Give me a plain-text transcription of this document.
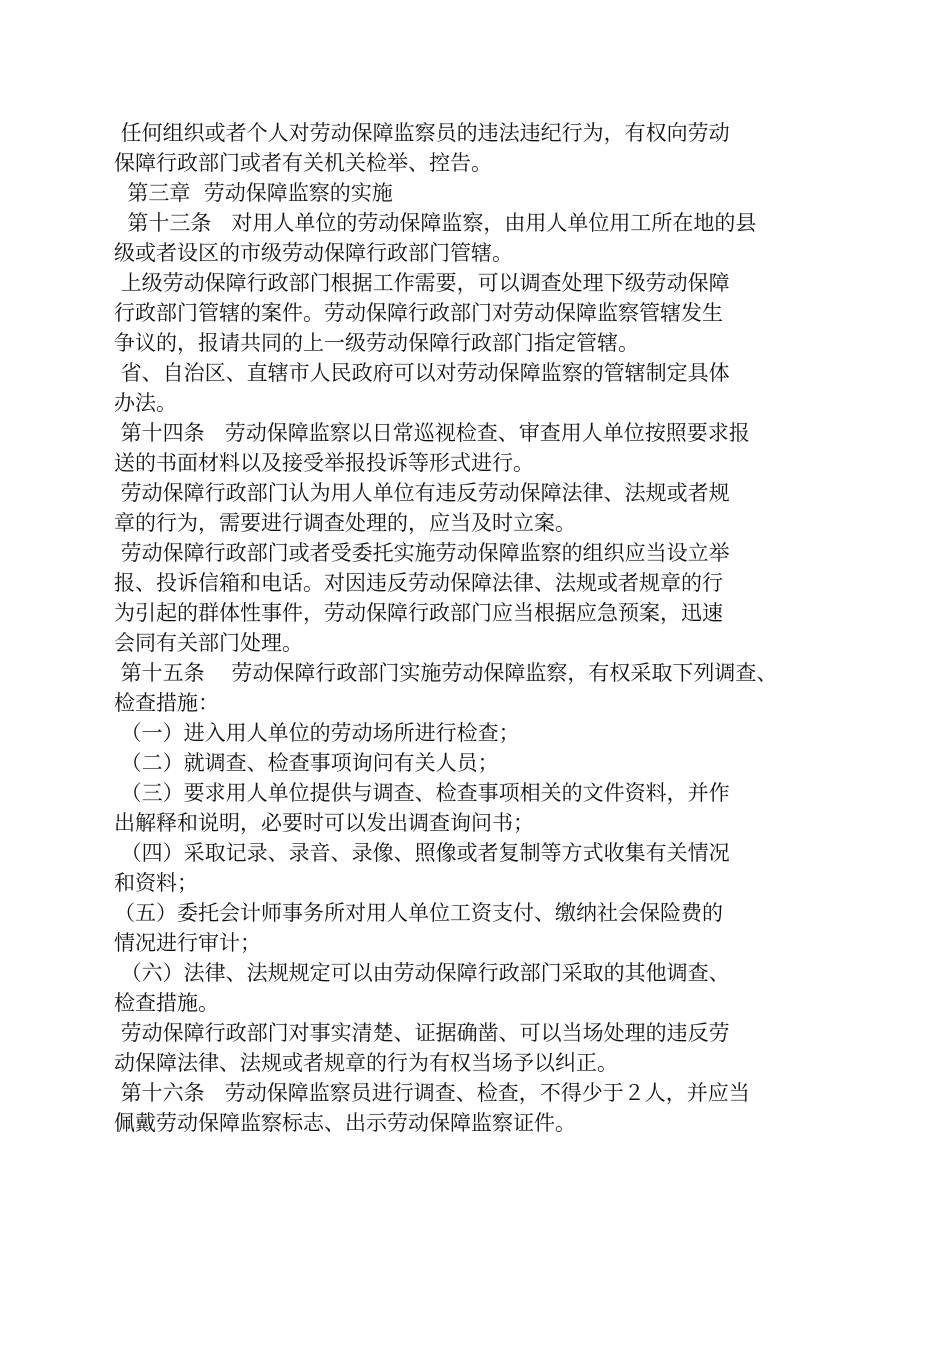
任何组织或者个人对劳动保障监察员的违法违纪行为，有权向劳动
保障行政部门或者有关机关检举、控告。
第三章  劳动保障监察的实施
第十三条   对用人单位的劳动保障监察，由用人单位用工所在地的县
级或者设区的市级劳动保障行政部门管辖。
上级劳动保障行政部门根据工作需要，可以调查处理下级劳动保障
行政部门管辖的案件。劳动保障行政部门对劳动保障监察管辖发生
争议的，报请共同的上一级劳动保障行政部门指定管辖。
省、自治区、直辖市人民政府可以对劳动保障监察的管辖制定具体
办法。
第十四条   劳动保障监察以日常巡视检查、审查用人单位按照要求报
送的书面材料以及接受举报投诉等形式进行。
劳动保障行政部门认为用人单位有违反劳动保障法律、法规或者规
章的行为，需要进行调查处理的，应当及时立案。
劳动保障行政部门或者受委托实施劳动保障监察的组织应当设立举
报、投诉信箱和电话。对因违反劳动保障法律、法规或者规章的行
为引起的群体性事件，劳动保障行政部门应当根据应急预案，迅速
会同有关部门处理。
第十五条    劳动保障行政部门实施劳动保障监察，有权采取下列调查、
检查措施：
（一）进入用人单位的劳动场所进行检查；
（二）就调查、检查事项询问有关人员；
（三）要求用人单位提供与调查、检查事项相关的文件资料，并作
出解释和说明，必要时可以发出调查询问书；
（四）采取记录、录音、录像、照像或者复制等方式收集有关情况
和资料；
（五）委托会计师事务所对用人单位工资支付、缴纳社会保险费的
情况进行审计；
（六）法律、法规规定可以由劳动保障行政部门采取的其他调查、
检查措施。
劳动保障行政部门对事实清楚、证据确凿、可以当场处理的违反劳
动保障法律、法规或者规章的行为有权当场予以纠正。
第十六条   劳动保障监察员进行调查、检查，不得少于２人，并应当
佩戴劳动保障监察标志、出示劳动保障监察证件。
